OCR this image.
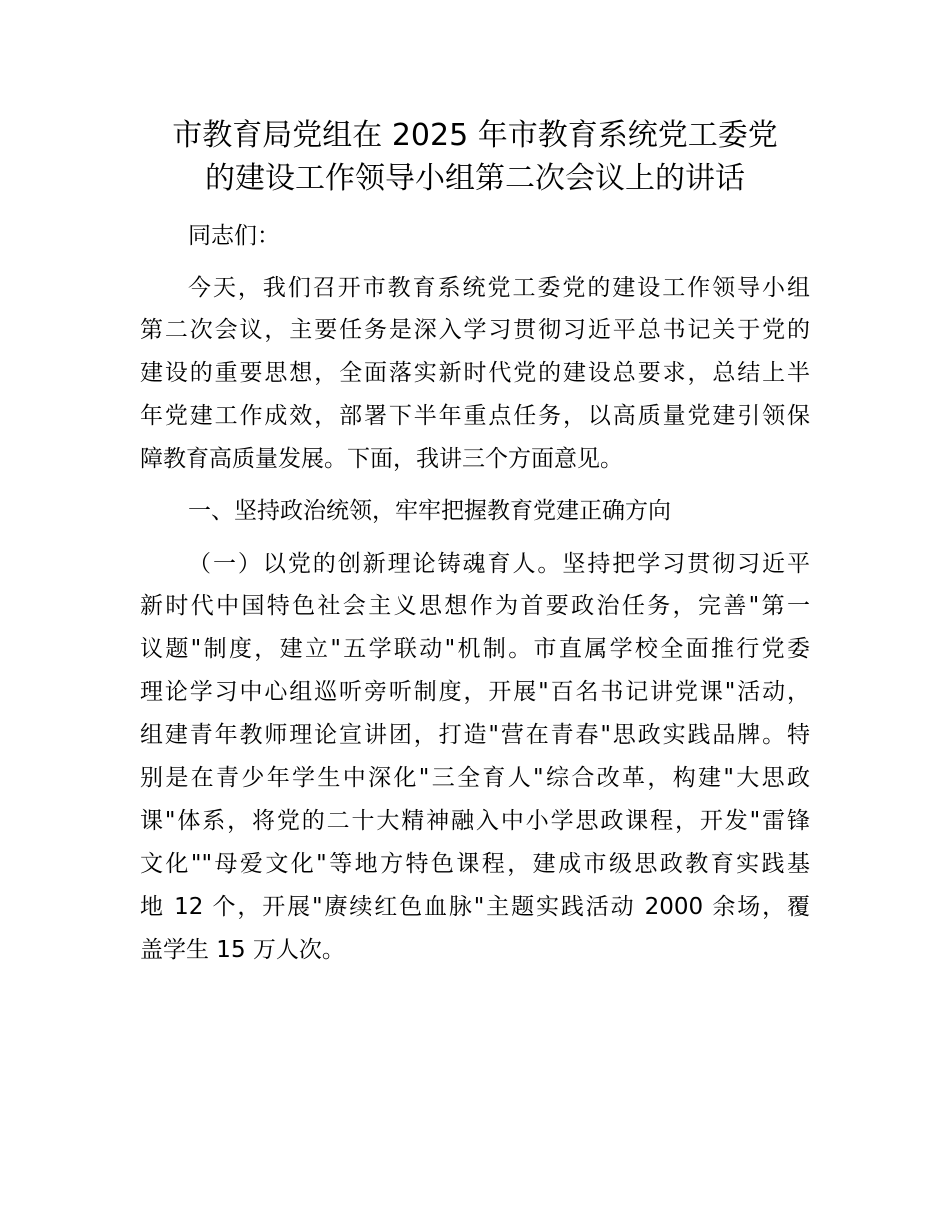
市教育局党组在 2025 年市教育系统党工委党
的建设工作领导小组第二次会议上的讲话
同志们：
今天，我们召开市教育系统党工委党的建设工作领导小组
第二次会议，主要任务是深入学习贯彻习近平总书记关于党的
建设的重要思想，全面落实新时代党的建设总要求，总结上半
年党建工作成效，部署下半年重点任务，以高质量党建引领保
障教育高质量发展。下面，我讲三个方面意见。
一、坚持政治统领，牢牢把握教育党建正确方向
（一）以党的创新理论铸魂育人。坚持把学习贯彻习近平
新时代中国特色社会主义思想作为首要政治任务，完善"第一
议题"制度，建立"五学联动"机制。市直属学校全面推行党委
理论学习中心组巡听旁听制度，开展"百名书记讲党课"活动，
组建青年教师理论宣讲团，打造"营在青春"思政实践品牌。特
别是在青少年学生中深化"三全育人"综合改革，构建"大思政
课"体系，将党的二十大精神融入中小学思政课程，开发"雷锋
文化""母爱文化"等地方特色课程，建成市级思政教育实践基
地 12 个，开展"赓续红色血脉"主题实践活动 2000 余场，覆
盖学生 15 万人次。
